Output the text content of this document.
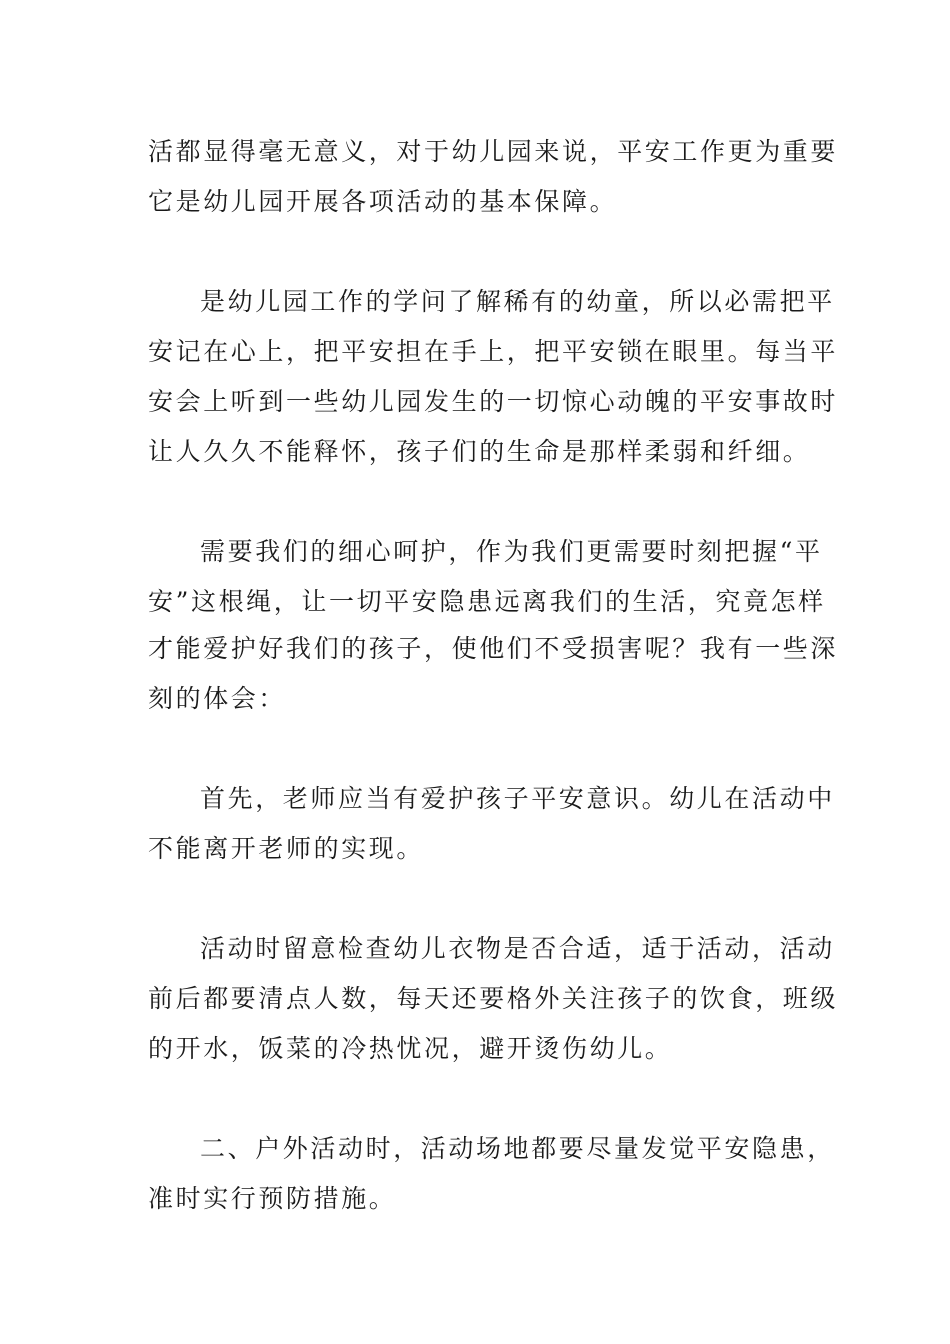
活都显得毫无意义，对于幼儿园来说，平安工作更为重要
它是幼儿园开展各项活动的基本保障。
是幼儿园工作的学问了解稀有的幼童，所以必需把平
安记在心上，把平安担在手上，把平安锁在眼里。每当平
安会上听到一些幼儿园发生的一切惊心动魄的平安事故时
让人久久不能释怀，孩子们的生命是那样柔弱和纤细。
需要我们的细心呵护，作为我们更需要时刻把握“平
安”这根绳，让一切平安隐患远离我们的生活，究竟怎样
才能爱护好我们的孩子，使他们不受损害呢？我有一些深
刻的体会：
首先，老师应当有爱护孩子平安意识。幼儿在活动中
不能离开老师的实现。
活动时留意检查幼儿衣物是否合适，适于活动，活动
前后都要清点人数，每天还要格外关注孩子的饮食，班级
的开水，饭菜的冷热忧况，避开烫伤幼儿。
二、户外活动时，活动场地都要尽量发觉平安隐患，
准时实行预防措施。
